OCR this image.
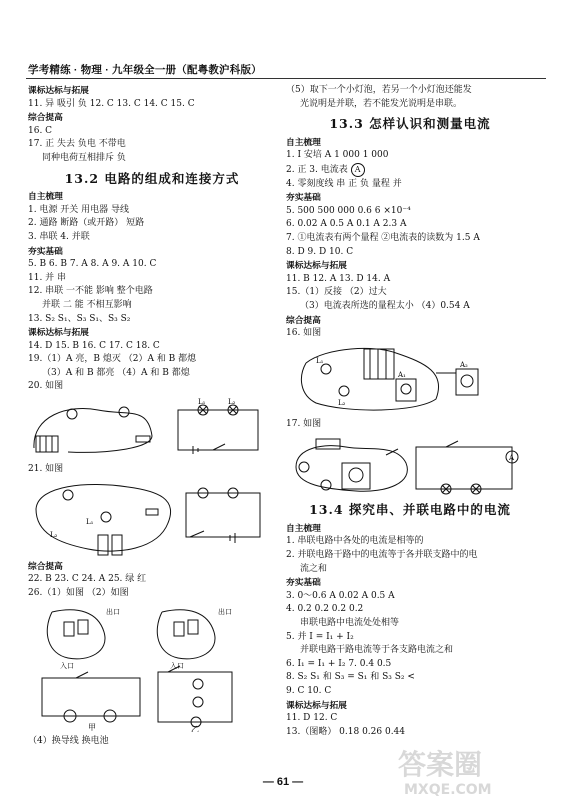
学考精练 · 物理 · 九年级全一册（配粤教沪科版）

课标达标与拓展

11. 异 吸引 负 12. C 13. C 14. C 15. C

综合提高

16. C

17. 正 失去 负电 不带电

同种电荷互相排斥 负

13.2 电路的组成和连接方式

自主梳理

1. 电源 开关 用电器 导线

2. 通路 断路（或开路） 短路

3. 串联 4. 并联

夯实基础

5. B 6. B 7. A 8. A 9. A 10. C

11. 并 串

12. 串联 一不能 影响 整个电路

并联 二 能 不相互影响

13. S₂ S₁、S₃ S₁、S₃ S₂

课标达标与拓展

14. D 15. B 16. C 17. C 18. C

19.（1）A 亮，B 熄灭 （2）A 和 B 都熄

（3）A 和 B 都亮 （4）A 和 B 都熄

20. 如图

L₁	L₂

21. 如图

L₁
L₂

综合提高

22. B 23. C 24. A 25. 绿 红

26.（1）如图 （2）如图

出口
入口
出口
入口
甲	乙

（4）换导线 换电池

（5）取下一个小灯泡，若另一个小灯泡还能发

光说明是并联，若不能发光说明是串联。

13.3 怎样认识和测量电流

自主梳理

1. I 安培 A 1 000 1 000

2. 正 3. 电流表 A

4. 零刻度线 串 正 负 量程 并

夯实基础

5. 500 500 000 0.6 6 ×10⁻⁴

6. 0.02 A 0.5 A 0.1 A 2.3 A

7. ①电流表有两个量程 ②电流表的读数为 1.5 A

8. D 9. D 10. C

课标达标与拓展

11. B 12. A 13. D 14. A

15.（1）反接 （2）过大

（3）电流表所选的量程太小 （4）0.54 A

综合提高

16. 如图

L₁
L₂
A₁
A₂

17. 如图

A

13.4 探究串、并联电路中的电流

自主梳理

1. 串联电路中各处的电流是相等的

2. 并联电路干路中的电流等于各并联支路中的电

流之和

夯实基础

3. 0～0.6 A 0.02 A 0.5 A

4. 0.2 0.2 0.2 0.2

串联电路中电流处处相等

5. 并 I = I₁ + I₂

并联电路干路电流等于各支路电流之和

6. I₁ = I₁ + I₂ 7. 0.4 0.5

8. S₂ S₁ 和 S₃ = S₁ 和 S₃ S₂ <

9. C 10. C

课标达标与拓展

11. D 12. C

13.（图略） 0.18 0.26 0.44

— 61 —
答案圈
MXQE.COM
